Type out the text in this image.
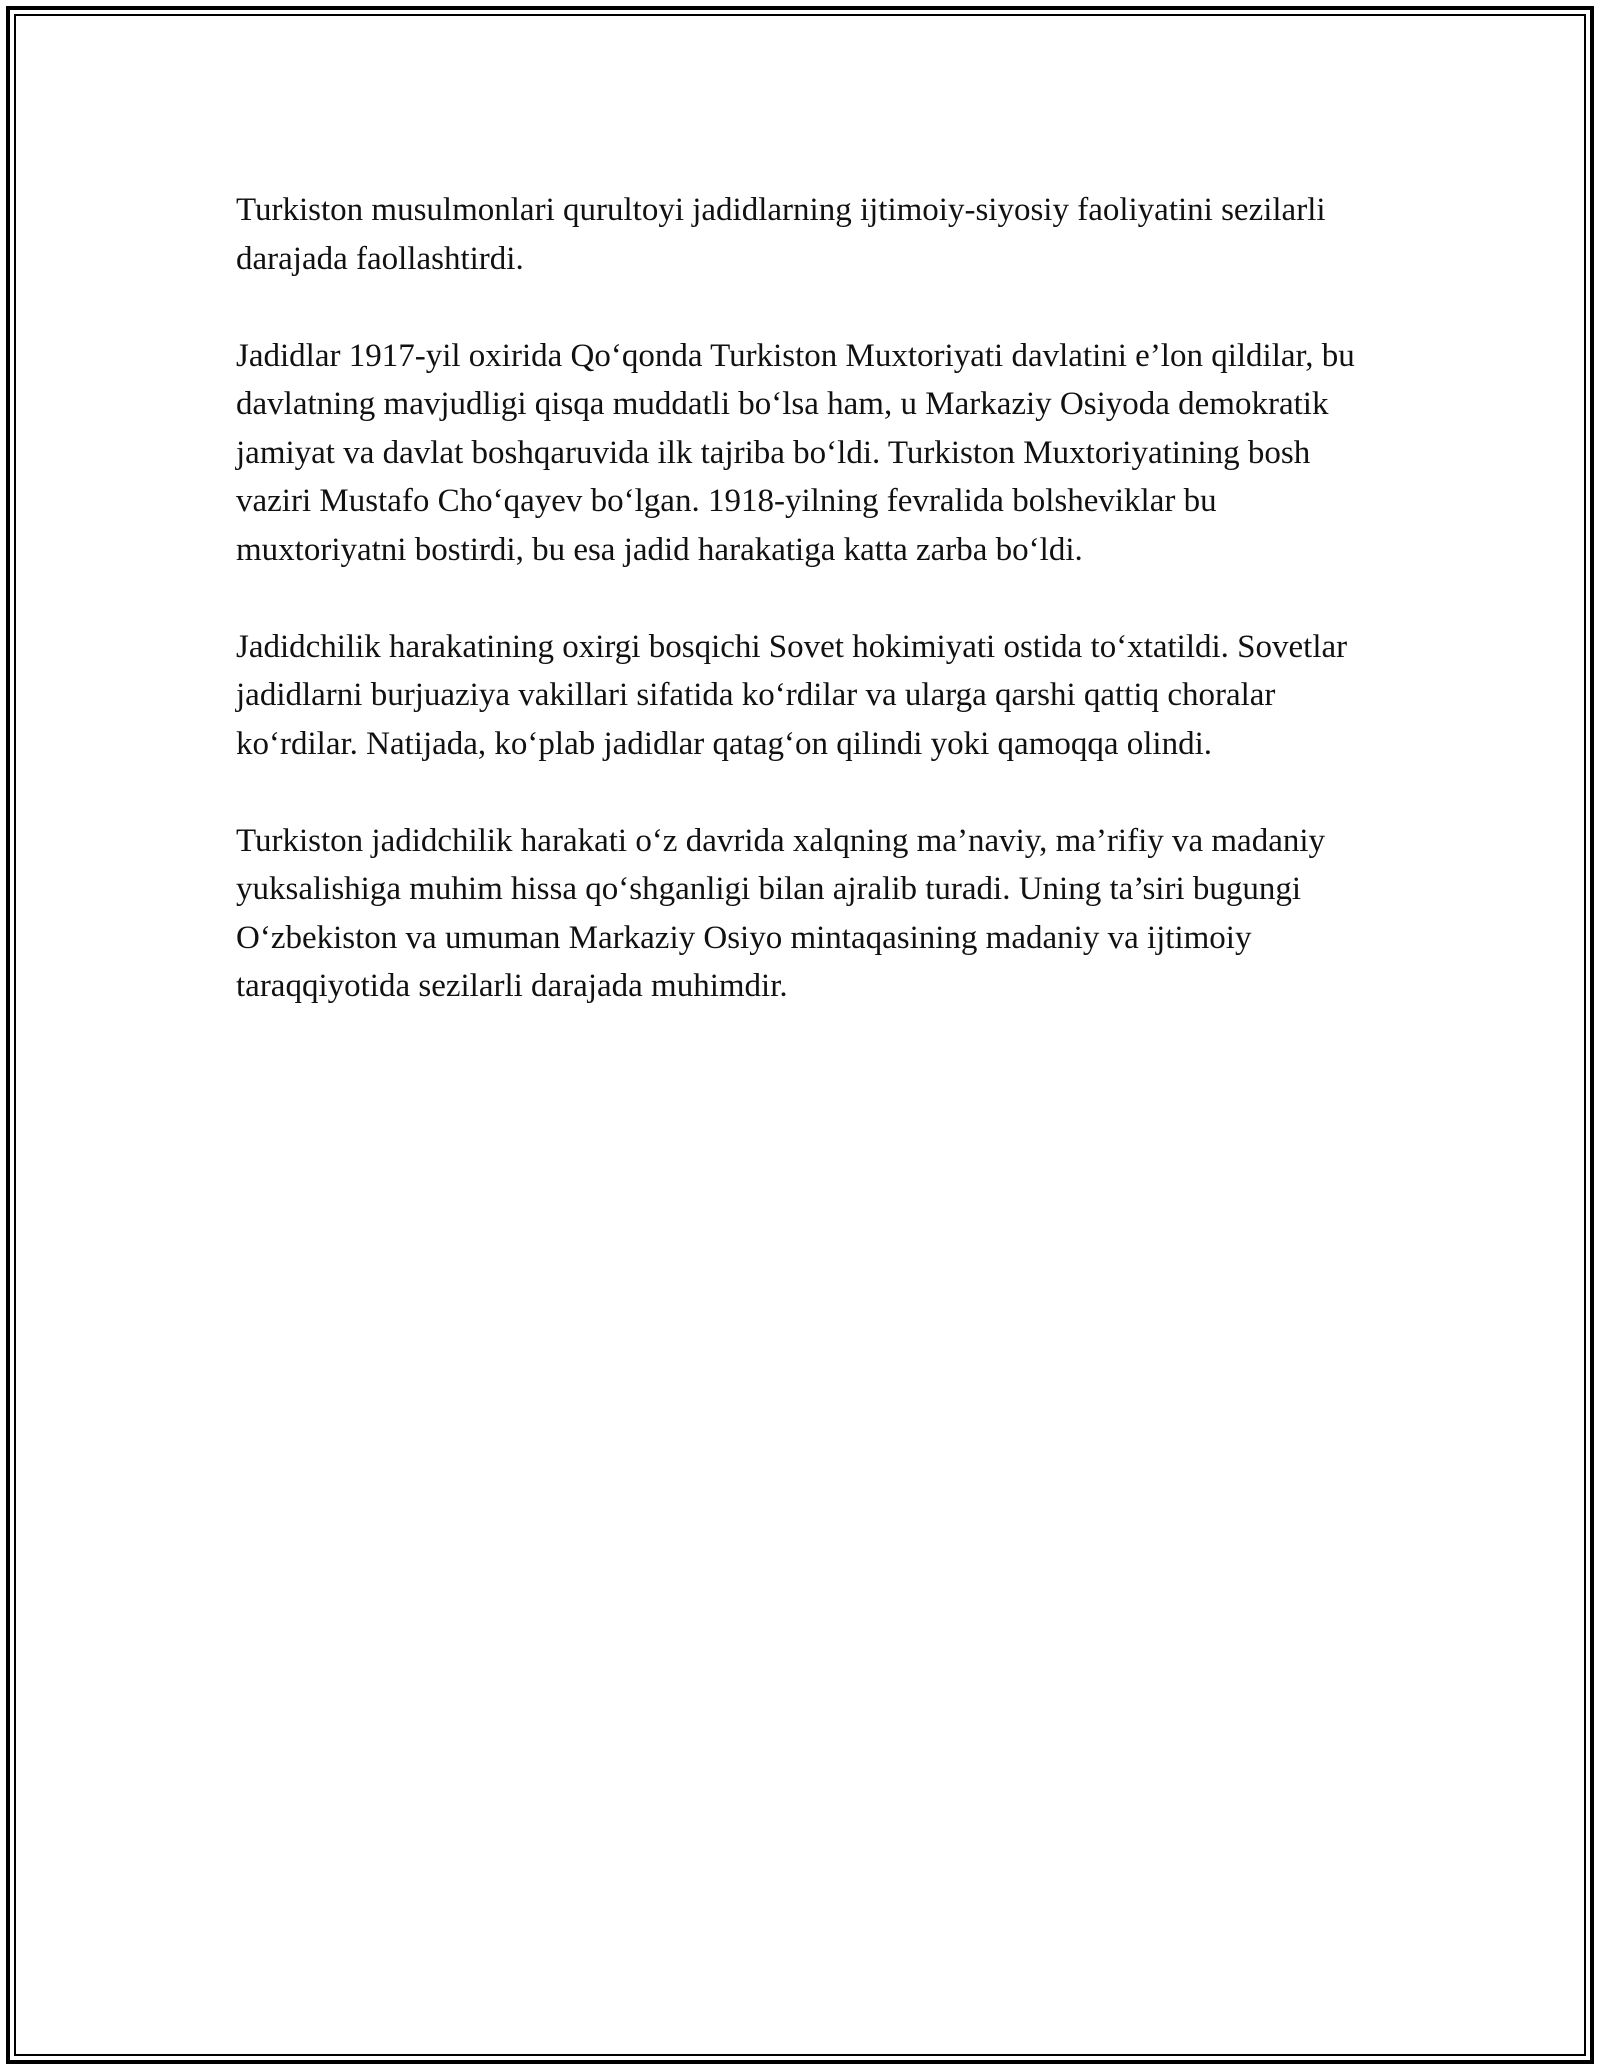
Turkiston musulmonlari qurultoyi jadidlarning ijtimoiy-siyosiy faoliyatini sezilarli darajada faollashtirdi.

Jadidlar 1917-yil oxirida Qo‘qonda Turkiston Muxtoriyati davlatini e’lon qildilar, bu davlatning mavjudligi qisqa muddatli bo‘lsa ham, u Markaziy Osiyoda demokratik jamiyat va davlat boshqaruvida ilk tajriba bo‘ldi. Turkiston Muxtoriyatining bosh vaziri Mustafo Cho‘qayev bo‘lgan. 1918-yilning fevralida bolsheviklar bu muxtoriyatni bostirdi, bu esa jadid harakatiga katta zarba bo‘ldi.

Jadidchilik harakatining oxirgi bosqichi Sovet hokimiyati ostida to‘xtatildi. Sovetlar jadidlarni burjuaziya vakillari sifatida ko‘rdilar va ularga qarshi qattiq choralar ko‘rdilar. Natijada, ko‘plab jadidlar qatag‘on qilindi yoki qamoqqa olindi.

Turkiston jadidchilik harakati o‘z davrida xalqning ma’naviy, ma’rifiy va madaniy yuksalishiga muhim hissa qo‘shganligi bilan ajralib turadi. Uning ta’siri bugungi O‘zbekiston va umuman Markaziy Osiyo mintaqasining madaniy va ijtimoiy taraqqiyotida sezilarli darajada muhimdir.
